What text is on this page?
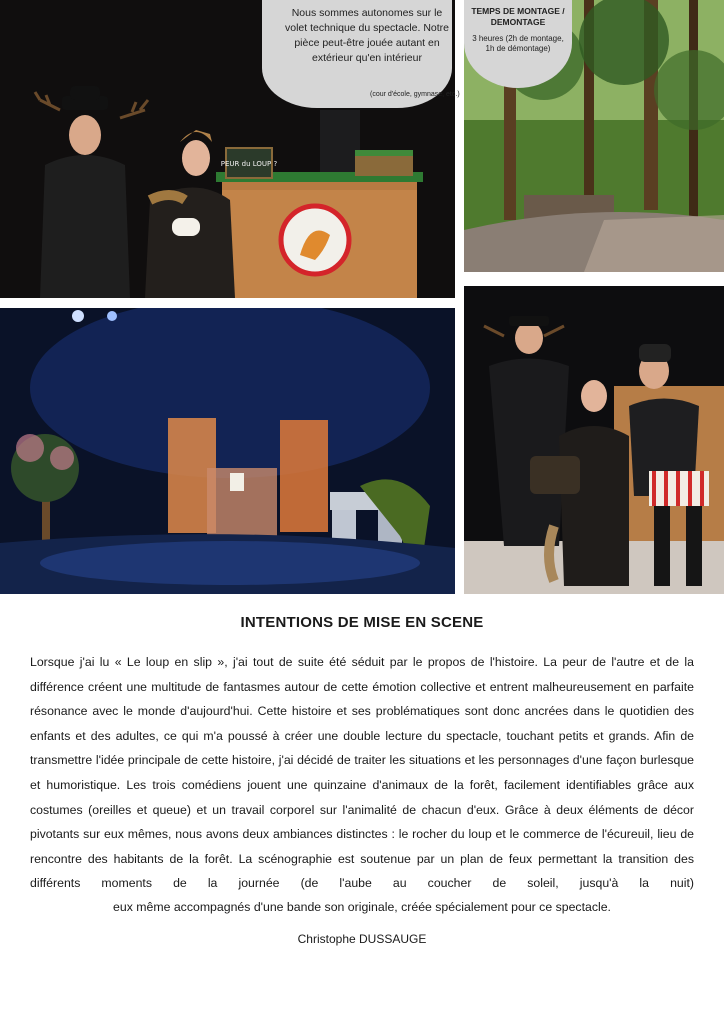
PEUR du LOUP ?
Nous sommes autonomes sur le volet technique du spectacle. Notre pièce peut-être jouée autant en extérieur qu'en intérieur
(cour d'école, gymnase, etc.)
TEMPS DE MONTAGE / DEMONTAGE
3 heures (2h de montage, 1h de démontage)
INTENTIONS DE MISE EN SCENE

Lorsque j'ai lu « Le loup en slip », j'ai tout de suite été séduit par le propos de l'histoire. La peur de l'autre et de la différence créent une multitude de fantasmes autour de cette émotion collective et entrent malheureusement en parfaite résonance avec le monde d'aujourd'hui. Cette histoire et ses problématiques sont donc ancrées dans le quotidien des enfants et des adultes, ce qui m'a poussé à créer une double lecture du spectacle, touchant petits et grands. Afin de transmettre l'idée principale de cette histoire, j'ai décidé de traiter les situations et les personnages d'une façon burlesque et humoristique. Les trois comédiens jouent une quinzaine d'animaux de la forêt, facilement identifiables grâce aux costumes (oreilles et queue) et un travail corporel sur l'animalité de chacun d'eux. Grâce à deux éléments de décor pivotants sur eux mêmes, nous avons deux ambiances distinctes : le rocher du loup et le commerce de l'écureuil, lieu de rencontre des habitants de la forêt. La scénographie est soutenue par un plan de feux permettant la transition des différents moments de la journée (de l'aube au coucher de soleil, jusqu'à la nuit)

eux même accompagnés d'une bande son originale, créée spécialement pour ce spectacle.

Christophe DUSSAUGE
